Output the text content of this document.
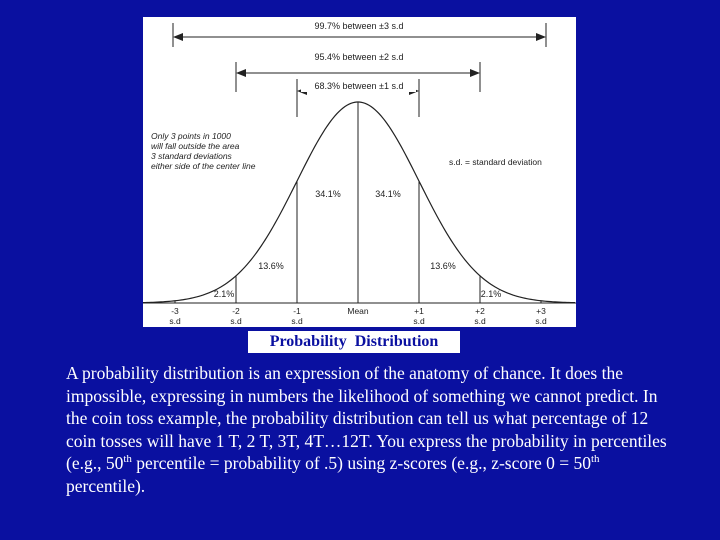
99.7% between ±3 s.d
95.4% between ±2 s.d
68.3% between ±1 s.d
Only 3 points in 1000
will fall outside the area
3 standard deviations
either side of the center line	s.d. = standard deviation
34.1%	34.1%
13.6%	13.6%
2.1%	2.1%
-3
s.d
-2
s.d
-1
s.d
Mean	+1
s.d
+2
s.d
+3
s.d
Probability  Distribution

A probability distribution is an expression of the anatomy of chance. It does the impossible, expressing in numbers the likelihood of something we cannot predict. In the coin toss example, the probability distribution can tell us what percentage of 12 coin tosses will have 1 T, 2 T, 3T, 4T…12T. You express the probability in percentiles (e.g., 50th percentile = probability of .5) using z-scores (e.g., z-score 0 = 50th percentile).
